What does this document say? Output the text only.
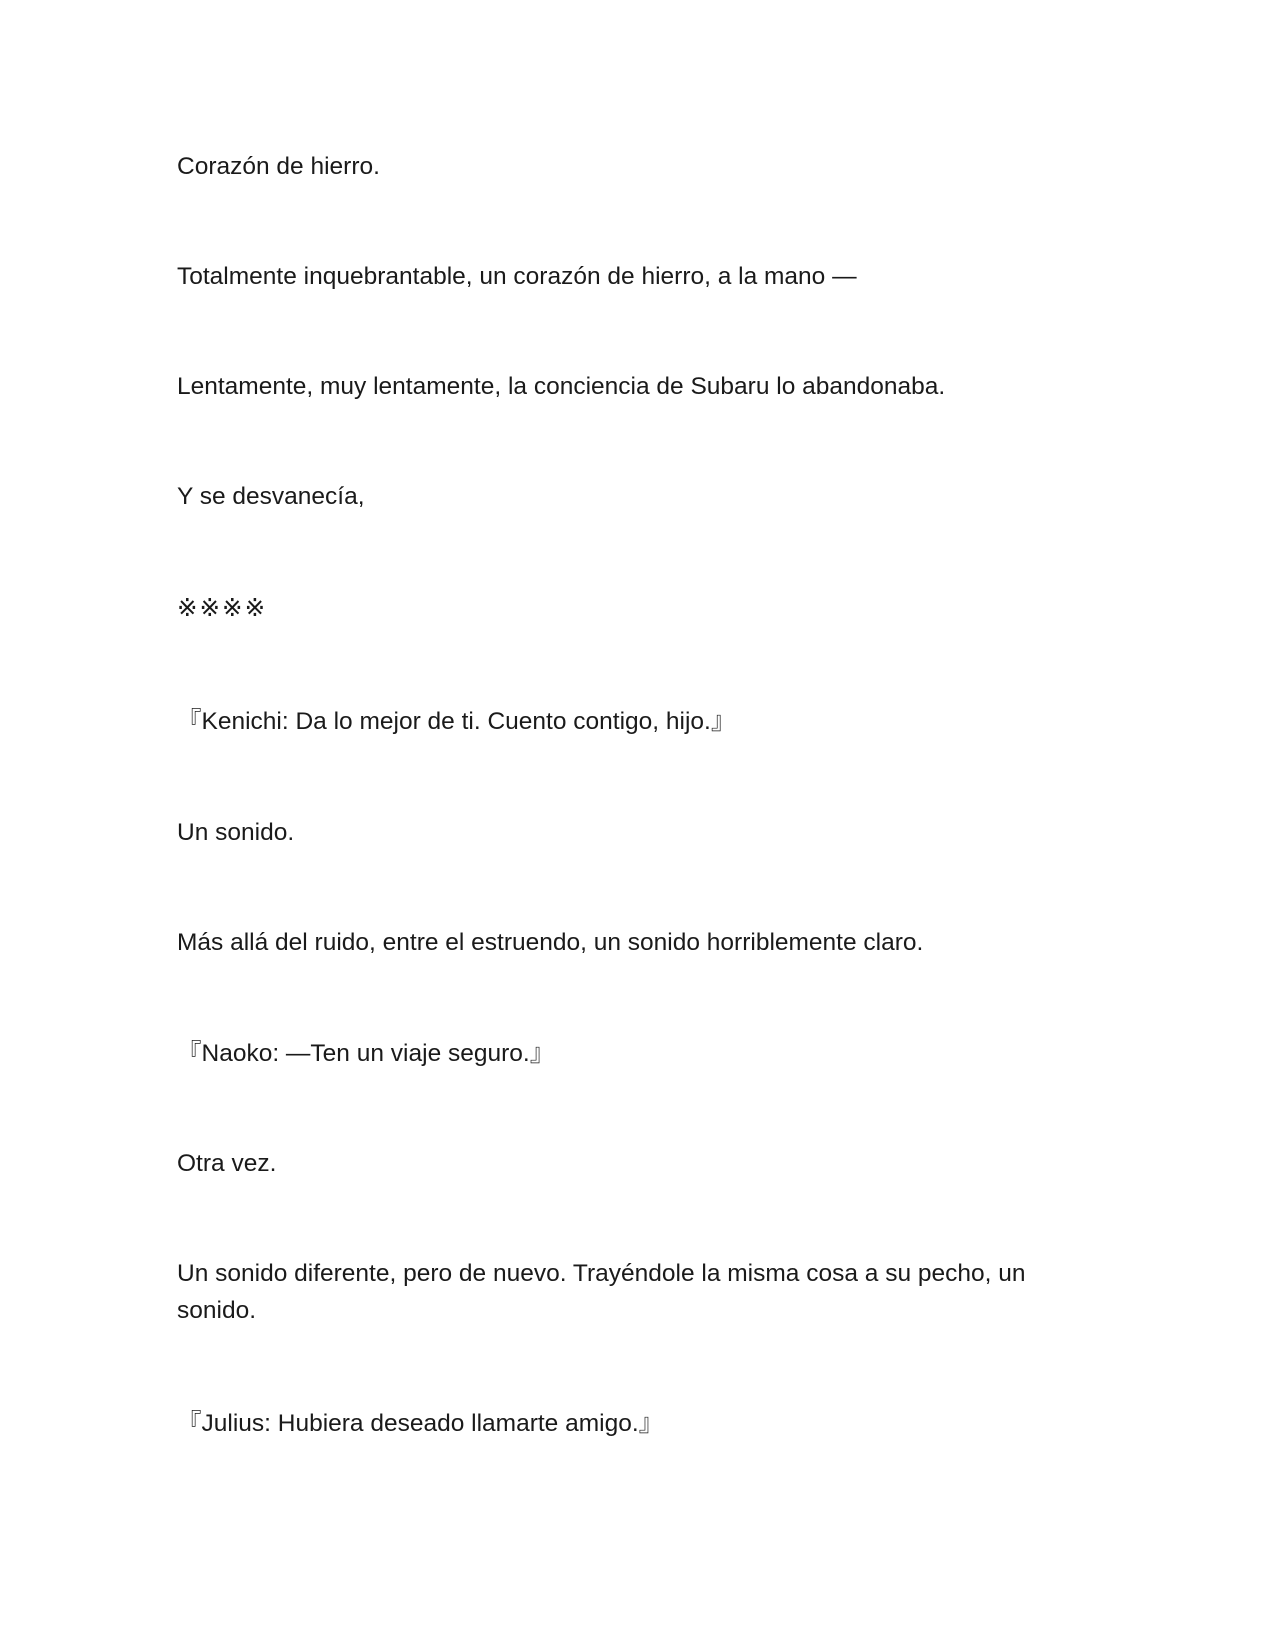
Corazón de hierro.

Totalmente inquebrantable, un corazón de hierro, a la mano —

Lentamente, muy lentamente, la conciencia de Subaru lo abandonaba.

Y se desvanecía,

※※※※

『Kenichi: Da lo mejor de ti. Cuento contigo, hijo.』

Un sonido.

Más allá del ruido, entre el estruendo, un sonido horriblemente claro.

『Naoko: —Ten un viaje seguro.』

Otra vez.

Un sonido diferente, pero de nuevo. Trayéndole la misma cosa a su pecho, un sonido.

『Julius: Hubiera deseado llamarte amigo.』
